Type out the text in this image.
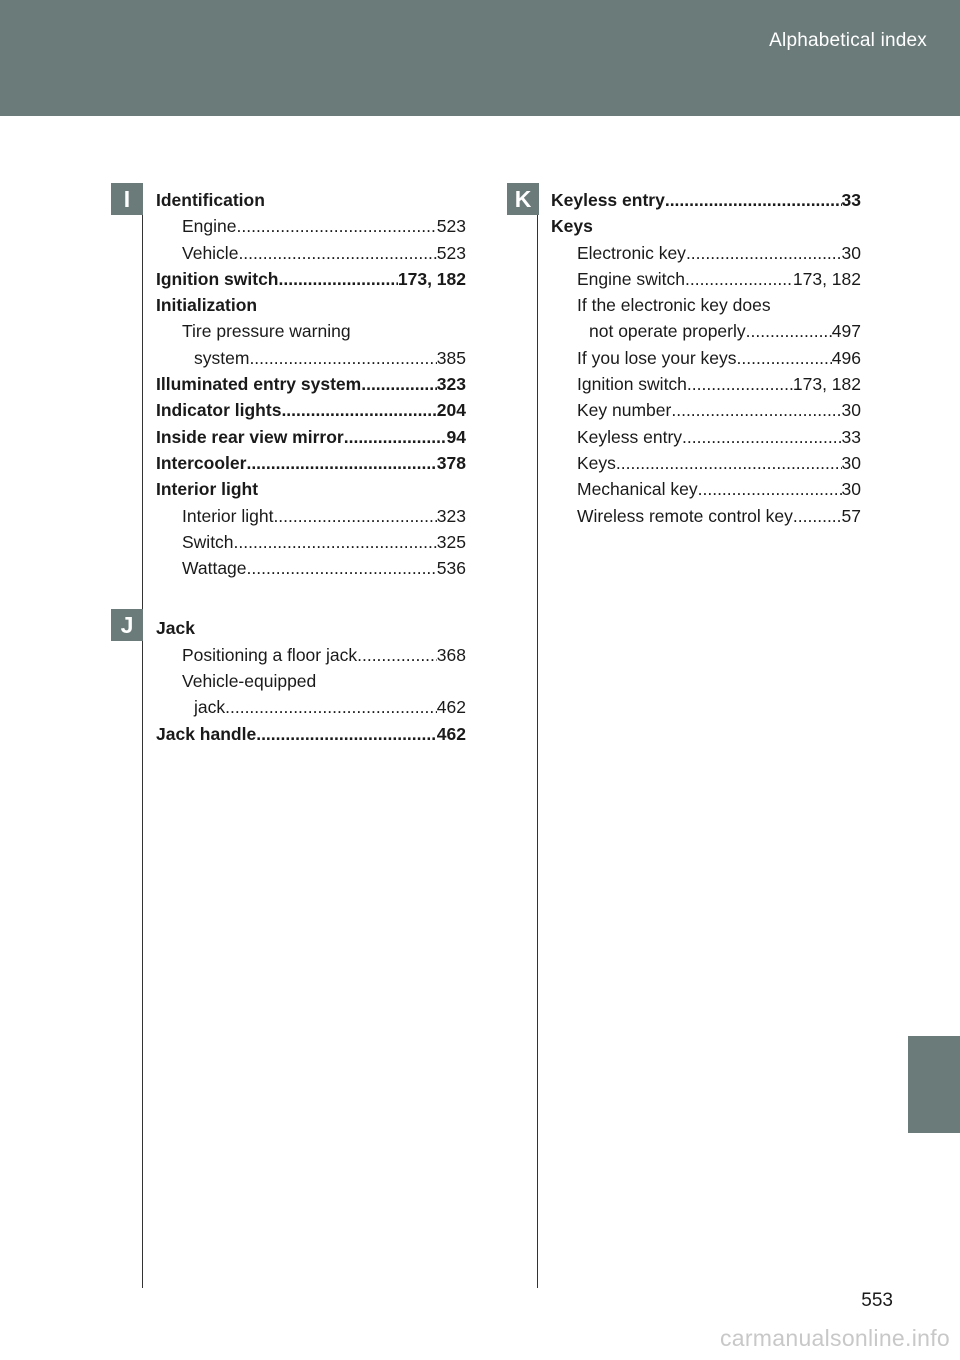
Alphabetical index
I
J
K
Identification
Engine .....	523
Vehicle .....	523
Ignition switch .....	173, 182
Initialization
Tire pressure warning
system .....	385
Illuminated entry system .....	323
Indicator lights .....	204
Inside rear view mirror .....	94
Intercooler .....	378
Interior light
Interior light .....	323
Switch .....	325
Wattage .....	536
Jack
Positioning a floor jack .....	368
Vehicle-equipped
jack .....	462
Jack handle .....	462
Keyless entry .....	33
Keys
Electronic key .....	30
Engine switch .....	173, 182
If the electronic key does
not operate properly .....	497
If you lose your keys .....	496
Ignition switch .....	173, 182
Key number .....	30
Keyless entry .....	33
Keys .....	30
Mechanical key .....	30
Wireless remote control key .....	57
553
carmanualsonline.info
